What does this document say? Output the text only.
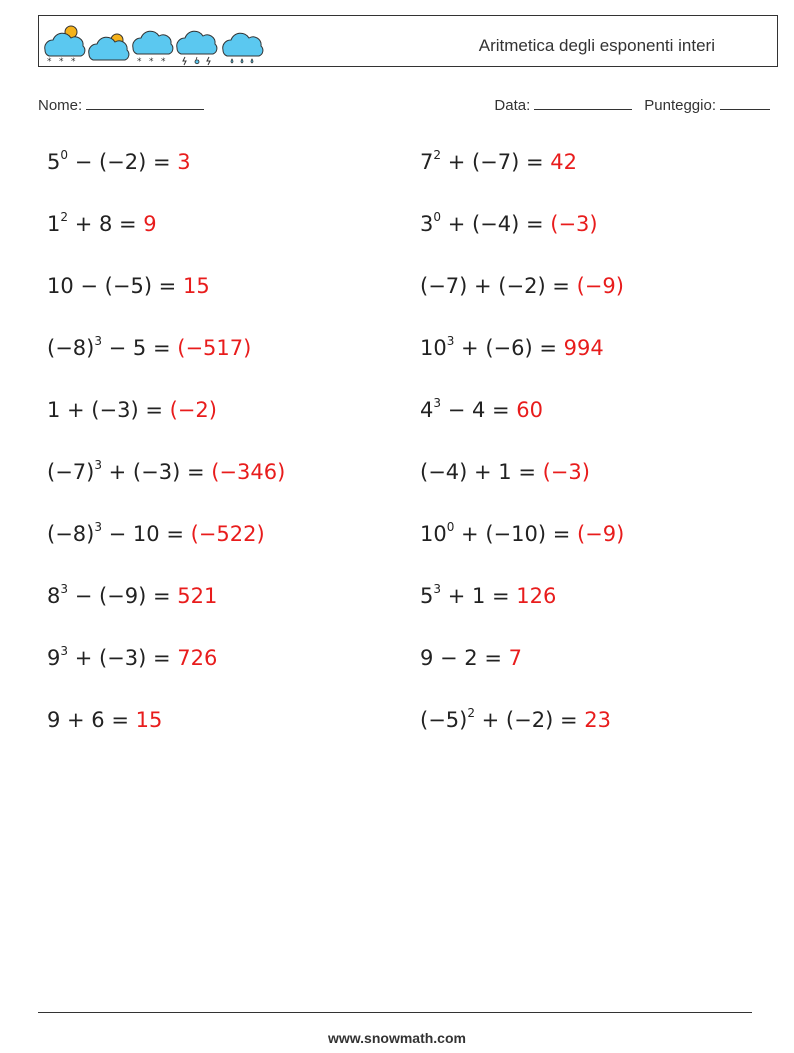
* * *	* * *
Aritmetica degli esponenti interi
Nome:	Data:	Punteggio:
$5^0 - (-2) = 3$	$7^2 + (-7) = 42$
$1^2 + 8 = 9$	$3^0 + (-4) = (-3)$
10 − (−5) = 15	(−7) + (−2) = (−9)
$(-8)^3 - 5 = (-517)$	$10^3 + (-6) = 994$
1 + (−3) = (−2)	$4^3 - 4 = 60$
$(-7)^3 + (-3) = (-346)$	(−4) + 1 = (−3)
$(-8)^3 - 10 = (-522)$	$10^0 + (-10) = (-9)$
$8^3 - (-9) = 521$	$5^3 + 1 = 126$
$9^3 + (-3) = 726$	9 − 2 = 7
9 + 6 = 15	$(-5)^2 + (-2) = 23$
www.snowmath.com
